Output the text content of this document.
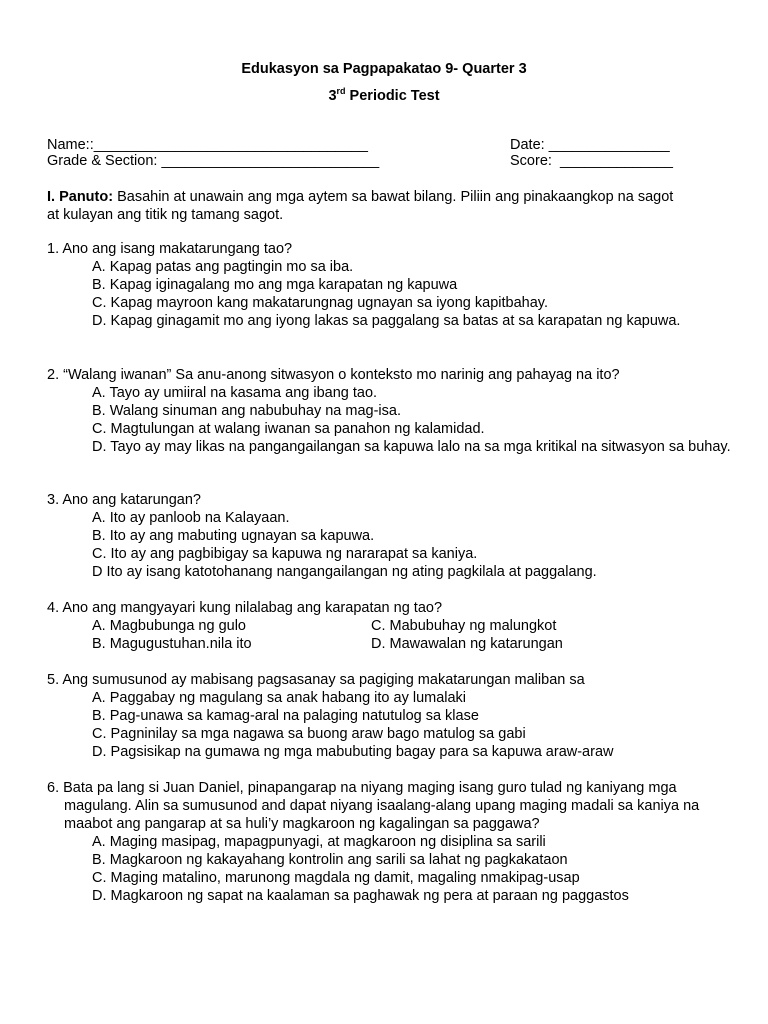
Edukasyon sa Pagpapakatao 9- Quarter 3
3rd Periodic Test
Name::__________________________________	Date: _______________
Grade & Section: ___________________________	Score: ______________
I. Panuto: Basahin at unawain ang mga aytem sa bawat bilang. Piliin ang pinakaangkop na sagot
at kulayan ang titik ng tamang sagot.
1. Ano ang isang makatarungang tao?
A. Kapag patas ang pagtingin mo sa iba.
B. Kapag iginagalang mo ang mga karapatan ng kapuwa
C. Kapag mayroon kang makatarungnag ugnayan sa iyong kapitbahay.
D. Kapag ginagamit mo ang iyong lakas sa paggalang sa batas at sa karapatan ng kapuwa.
2. “Walang iwanan” Sa anu-anong sitwasyon o konteksto mo narinig ang pahayag na ito?
A. Tayo ay umiiral na kasama ang ibang tao.
B. Walang sinuman ang nabubuhay na mag-isa.
C. Magtulungan at walang iwanan sa panahon ng kalamidad.
D. Tayo ay may likas na pangangailangan sa kapuwa lalo na sa mga kritikal na sitwasyon sa buhay.
3. Ano ang katarungan?
A. Ito ay panloob na Kalayaan.
B. Ito ay ang mabuting ugnayan sa kapuwa.
C. Ito ay ang pagbibigay sa kapuwa ng nararapat sa kaniya.
D Ito ay isang katotohanang nangangailangan ng ating pagkilala at paggalang.
4. Ano ang mangyayari kung nilalabag ang karapatan ng tao?
A. Magbubunga ng gulo	C. Mabubuhay ng malungkot
B. Magugustuhan.nila ito	D. Mawawalan ng katarungan
5. Ang sumusunod ay mabisang pagsasanay sa pagiging makatarungan maliban sa
A. Paggabay ng magulang sa anak habang ito ay lumalaki
B. Pag-unawa sa kamag-aral na palaging natutulog sa klase
C. Pagninilay sa mga nagawa sa buong araw bago matulog sa gabi
D. Pagsisikap na gumawa ng mga mabubuting bagay para sa kapuwa araw-araw
6. Bata pa lang si Juan Daniel, pinapangarap na niyang maging isang guro tulad ng kaniyang mga
magulang. Alin sa sumusunod and dapat niyang isaalang-alang upang maging madali sa kaniya na maabot ang pangarap at sa huli’y magkaroon ng kagalingan sa paggawa?
A. Maging masipag, mapagpunyagi, at magkaroon ng disiplina sa sarili
B. Magkaroon ng kakayahang kontrolin ang sarili sa lahat ng pagkakataon
C. Maging matalino, marunong magdala ng damit, magaling nmakipag-usap
D. Magkaroon ng sapat na kaalaman sa paghawak ng pera at paraan ng paggastos
